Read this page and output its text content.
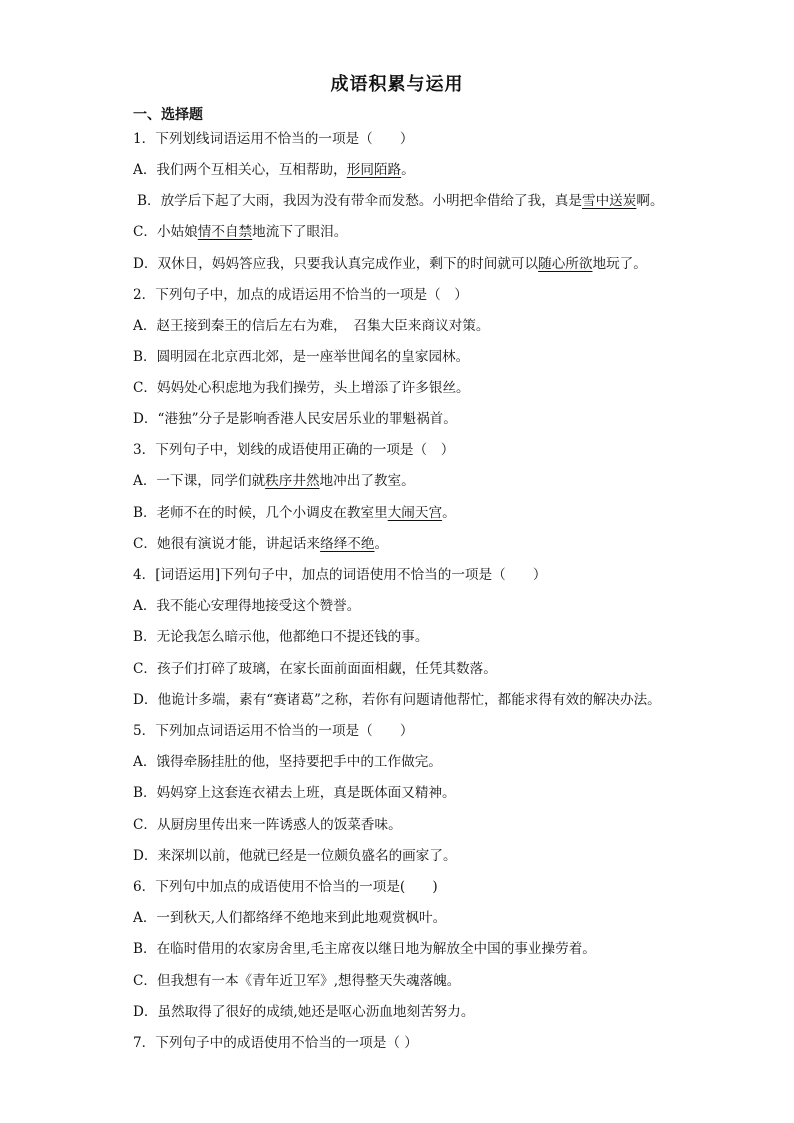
成语积累与运用
一、选择题
1．下列划线词语运用不恰当的一项是（　　）
A．我们两个互相关心，互相帮助，形同陌路。
B．放学后下起了大雨，我因为没有带伞而发愁。小明把伞借给了我，真是雪中送炭啊。
C．小姑娘情不自禁地流下了眼泪。
D．双休日，妈妈答应我，只要我认真完成作业，剩下的时间就可以随心所欲地玩了。
2．下列句子中，加点的成语运用不恰当的一项是（　）
A．赵王接到秦王的信后左右为难，　召集大臣来商议对策。
B．圆明园在北京西北郊，是一座举世闻名的皇家园林。
C．妈妈处心积虑地为我们操劳，头上增添了许多银丝。
D．“港独”分子是影响香港人民安居乐业的罪魁祸首。
3．下列句子中，划线的成语使用正确的一项是（　）
A．一下课，同学们就秩序井然地冲出了教室。
B．老师不在的时候，几个小调皮在教室里大闹天宫。
C．她很有演说才能，讲起话来络绎不绝。
4．[词语运用]下列句子中，加点的词语使用不恰当的一项是（　　）
A．我不能心安理得地接受这个赞誉。
B．无论我怎么暗示他，他都绝口不提还钱的事。
C．孩子们打碎了玻璃，在家长面前面面相觑，任凭其数落。
D．他诡计多端，素有“赛诸葛”之称，若你有问题请他帮忙，都能求得有效的解决办法。
5．下列加点词语运用不恰当的一项是（　　）
A．饿得牵肠挂肚的他，坚持要把手中的工作做完。
B．妈妈穿上这套连衣裙去上班，真是既体面又精神。
C．从厨房里传出来一阵诱惑人的饭菜香味。
D．来深圳以前，他就已经是一位颇负盛名的画家了。
6．下列句中加点的成语使用不恰当的一项是(　　)
A．一到秋天,人们都络绎不绝地来到此地观赏枫叶。
B．在临时借用的农家房舍里,毛主席夜以继日地为解放全中国的事业操劳着。
C．但我想有一本《青年近卫军》,想得整天失魂落魄。
D．虽然取得了很好的成绩,她还是呕心沥血地刻苦努力。
7．下列句子中的成语使用不恰当的一项是（ ）
